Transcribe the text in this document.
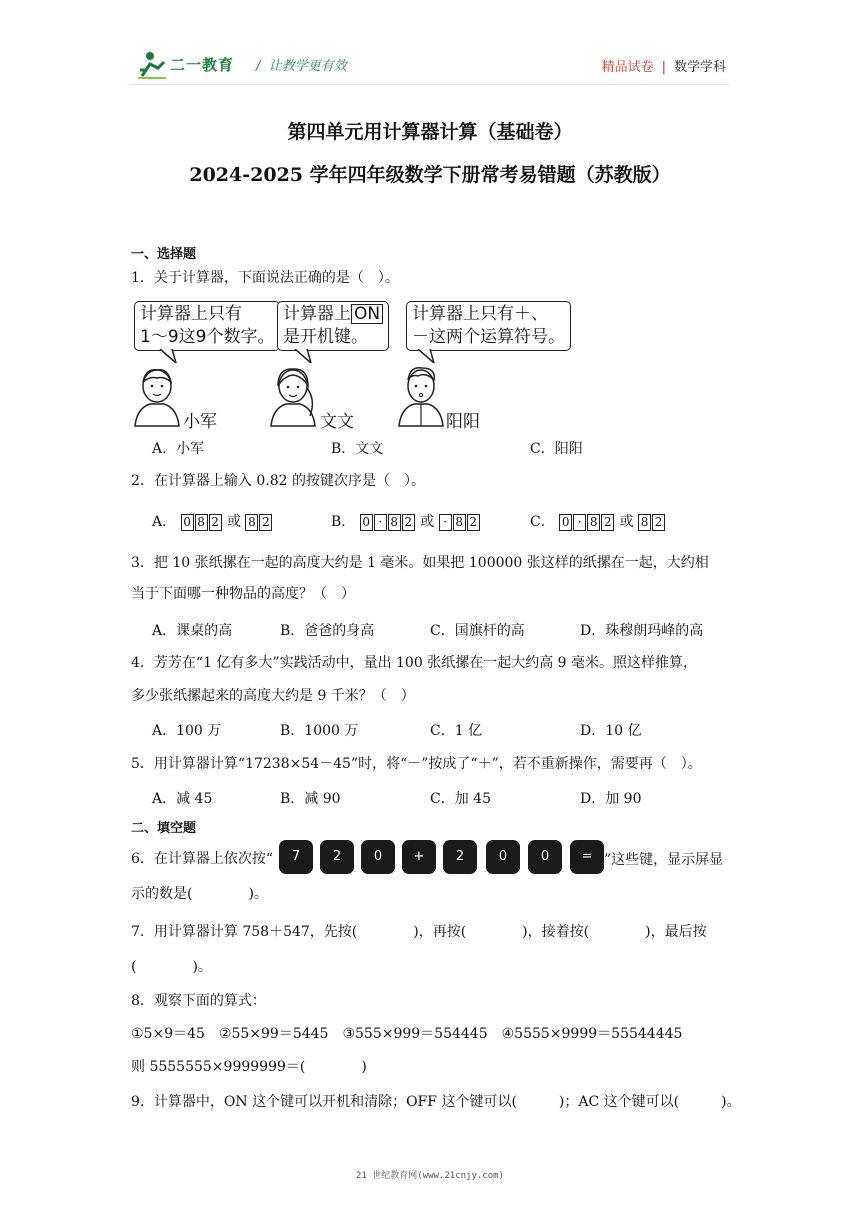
二一教育 /  让教学更有效	精品试卷 | 数学学科
第四单元用计算器计算（基础卷）
2024-2025 学年四年级数学下册常考易错题（苏教版）
一、选择题
1．关于计算器，下面说法正确的是（　）。
计算器上只有
1～9这9个数字。
计算器上 ON
是开机键。
计算器上只有＋、
－这两个运算符号。
小军	文文	阳阳
A．小军	B．文文	C．阳阳
2．在计算器上输入 0.82 的按键次序是（　）。
A． 0 8 2 或 8 2	B． 0 · 8 2 或 · 8 2	C． 0 · 8 2 或 8 2
3．把 10 张纸摞在一起的高度大约是 1 毫米。如果把 100000 张这样的纸摞在一起，大约相
当于下面哪一种物品的高度？（　）
A．课桌的高	B．爸爸的身高	C．国旗杆的高	D．珠穆朗玛峰的高
4．芳芳在“1 亿有多大”实践活动中，量出 100 张纸摞在一起大约高 9 毫米。照这样推算，
多少张纸摞起来的高度大约是 9 千米？（　）
A．100 万	B．1000 万	C．1 亿	D．10 亿
5．用计算器计算“17238×54－45”时，将“－”按成了“＋”，若不重新操作，需要再（　）。
A．减 45	B．减 90	C．加 45	D．加 90
二、填空题
6．在计算器上依次按“	7	2	0	+	2	0	0	= ”这些键，显示屏显
示的数是(　　　　)。
7．用计算器计算 758＋547，先按(　　　　)，再按(　　　　)，接着按(　　　　)，最后按
(　　　　)。
8．观察下面的算式：
①5×9＝45　②55×99＝5445　③555×999＝554445　④5555×9999＝55544445
则 5555555×9999999＝(　　　　)
9．计算器中，ON 这个键可以开机和清除；OFF 这个键可以(　　　)；AC 这个键可以(　　　)。
21 世纪教育网(www.21cnjy.com)
